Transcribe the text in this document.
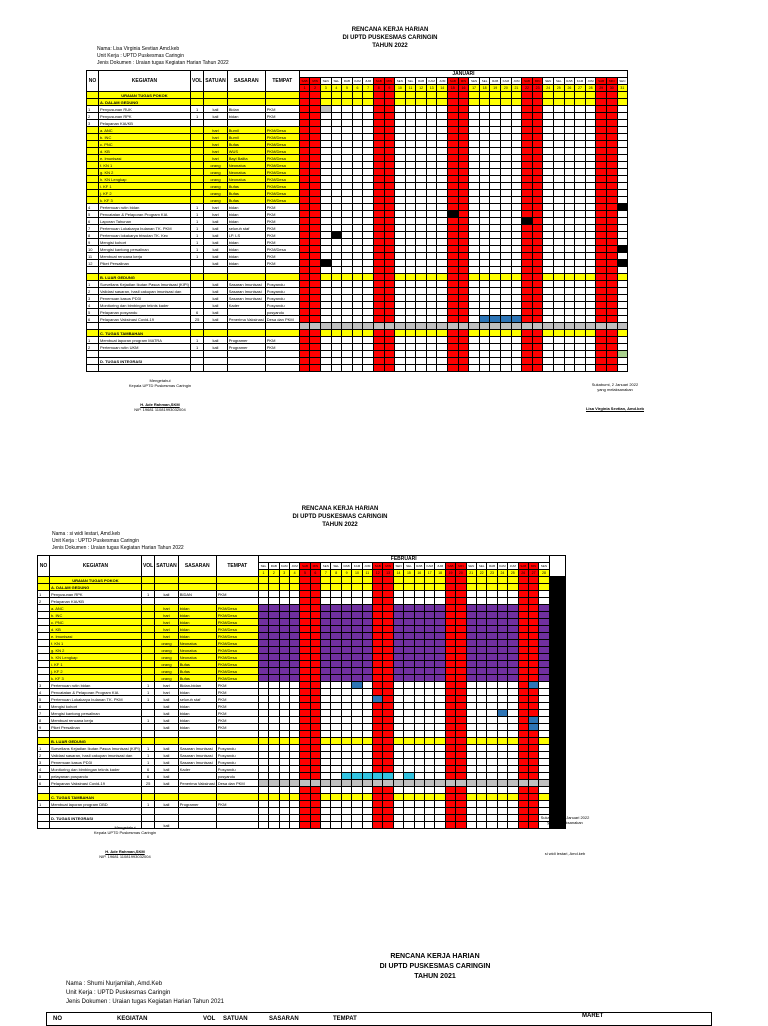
RENCANA KERJA HARIAN
DI UPTD PUSKESMAS CARINGIN
TAHUN 2022
Nama: Lisa Virginia Sevtian Amd.keb
Unit Kerja : UPTD Puskesmas Caringin
Jenis Dokumen : Uraian tugas Kegiatan Harian Tahun 2022
NO	KEGIATAN	VOL	SATUAN	SASARAN	TEMPAT	JANUARI																														
						SAB	MIN	SEN	SEL	RAB	KAM	JUM	SAB	MIN	SEN	SEL	RAB	KAM	JUM	SAB	MIN	SEN	SEL	RAB	KAM	JUM	SAB	MIN	SEN	SEL	RAB	KAM	JUM	SAB	MIN	SEN
						1	2	3	4	5	6	7	8	9	10	11	12	13	14	15	16	17	18	19	20	21	22	23	24	25	26	27	28	29	30	31
	URAIAN TUGAS POKOK																																			
	A. DALAM GEDUNG																																			
1	Penyusunan RUK	1	kali	Bidan	PKM																															
2	Penyusunan RPK	1	kali	bidan	PKM																															
3	Pelayanan KIA/KB																																			
	a. ANC		hari	Bumil	PKM/Desa																															
	b. INC		hari	Bumil	PKM/Desa																															
	c. PNC		hari	Bufas	PKM/Desa																															
	d. KB		hari	WUS	PKM/Desa																															
	e. Imunisasi		hari	Bayi Balita	PKM/Desa																															
	f. KN 1		orang	Neonatus	PKM/Desa																															
	g. KN 2		orang	Neonatus	PKM/Desa																															
	h. KN Lengkap		orang	Neonatus	PKM/Desa																															
	i. KF 1		orang	Bufas	PKM/Desa																															
	j. KF 2		orang	Bufas	PKM/Desa																															
	k. KF 3		orang	Bufas	PKM/Desa																															
4	Pertemuan rutin bidan	1	hari	bidan	PKM																															
5	Pencatatan & Pelaporan Program KIA	1	hari	bidan	PKM																															
6	Laporan Tahunan	1	kali	bidan	PKM																															
7	Pertemuan Lokakarya bulanan TK. PKM	1	kali	seluruh staf	PKM																															
8	Pertemuan lokakarya triwulan TK. Kec	1	kali	LP. LS	PKM																															
9	Mengisi kohort	1	kali	bidan	PKM																															
10	Mengisi kantong persalinan	1	kali	bidan	PKM/Desa																															
11	Membuat rencana kerja	1	kali	bidan	PKM																															
12	Piket Persalinan		kali	bidan	PKM																															

	B. LUAR GEDUNG																																			
1	Surveilans Kejadian Ikutan Pasca Imunisasi (KIPI)		kali	Sasaran Imunisasi	Posyandu																															
2	Validasi sasaran, hasil cakupan imunisasi dan		kali	Sasaran Imunisasi	Posyandu																															
3	Penemuan kasus PD3I		kali	Sasaran Imunisasi	Posyandu																															
4	Monitoring dan bimbingan teknis kader		kali	Kader	Posyandu																															
5	Pelayanan posyandu	6	kali		posyandu																															
6	Pelayanan Vaksinasi Covid-19	25	kali	Penerima Vaksinasi	Desa dan PKM																															

	C. TUGAS TAMBAHAN																																			
1	Membuat laporan program MATRA	1	kali	Programer	PKM																															
2	Pertemuan rutin UKM	1	kali	Programer	PKM																															

	D. TUGAS INTEGRASI																																			

Mengetahui
Kepala UPTD Puskesmas Caringin
H. Ade Rahman,SKM
NIP. 19681 11081993032004
Sukabumi, 2 Januari 2022
yang melaksanakan
Lisa Virginia Sevtian, Amd.keb
RENCANA KERJA HARIAN
DI UPTD PUSKESMAS CARINGIN
TAHUN 2022
Nama : si widi lestari, Amd.keb
Unit Kerja : UPTD Puskesmas Caringin
Jenis Dokumen : Uraian tugas Kegiatan Harian Tahun 2022
NO	KEGIATAN	VOL	SATUAN	SASARAN	TEMPAT	FEBRUARI																												
						SEL	RAB	KAM	JUM	SAB	MIN	SEN	SEL	RAB	KAM	JUM	SAB	MIN	SEN	SEL	RAB	KAM	JUM	SAB	MIN	SEN	SEL	RAB	KAM	JUM	SAB	MIN	SEN	
						1	2	3	4	5	6	7	8	9	10	11	12	13	14	15	16	17	18	19	20	21	22	23	24	25	26	27	28	
	URAIAN TUGAS POKOK																																	
	A. DALAM GEDUNG																																	
1	Penyusunan RPK	1	kali	BIDAN	PKM																													
2	Pelayanan KIA/KB																																	
	a. ANC		hari	bidan	PKM/Desa																													
	b. INC		hari	bidan	PKM/Desa																													
	c. PNC		hari	bidan	PKM/Desa																													
	d. KB		hari	bidan	PKM/Desa																													
	e. Imunisasi		hari	bidan	PKM/Desa																													
	f. KN 1		orang	Neonatus	PKM/Desa																													
	g. KN 2		orang	Neonatus	PKM/Desa																													
	h. KN Lengkap		orang	Neonatus	PKM/Desa																													
	i. KF 1		orang	Bufas	PKM/Desa																													
	j. KF 2		orang	Bufas	PKM/Desa																													
	k. KF 3		orang	Bufas	PKM/Desa																													
3	Pertemuan rutin bidan	1	hari	Bidan-bidan	PKM																													
4	Pencatatan & Pelaporan Program KIA	1	hari	bidan	PKM																													
5	Pertemuan Lokakarya bulanan TK. PKM	1	kali	seluruh staf	PKM																													
6	Mengisi kohort		kali	bidan	PKM																													
7	Mengisi kantong persalinan		kali	bidan	PKM																													
8	Membuat rencana kerja	1	kali	bidan	PKM																													
9	Piket Persalinan		kali	bidan	PKM																													

	B. LUAR GEDUNG																																	
1	Surveilans Kejadian Ikutan Pasca Imunisasi (KIPI)	1	kali	Sasaran Imunisasi	Posyandu																													
2	Validasi sasaran, hasil cakupan imunisasi dan	1	kali	Sasaran Imunisasi	Posyandu																													
3	Penemuan kasus PD3I	1	kali	Sasaran Imunisasi	Posyandu																													
4	Monitoring dan bimbingan teknis kader	6	kali	Kader	Posyandu																													
5	pelayanan posyandu	6	kali		posyandu																													
6	Pelayanan Vaksinasi Covid-19	25	kali	Penerima Vaksinasi	Desa dan PKM																													

	C. TUGAS TAMBAHAN																																	
1	Membuat laporan program DBD	1	kali	Programer	PKM																													

	D. TUGAS INTEGRASI																																	
			kali																															
Mengetahui
Kepala UPTD Puskesmas Caringin
H. Ade Rahman,SKM
NIP. 19681 11081993032004
Sukabumi, 31 Januari 2022
yang melaksanakan
si widi lestari, Amd.keb
RENCANA KERJA HARIAN
DI UPTD PUSKESMAS CARINGIN
TAHUN 2021
Nama : Shumi Nurjamilah, Amd.Keb
Unit Kerja : UPTD Puskesmas Caringin
Jenis Dokumen : Uraian tugas Kegiatan Harian Tahun 2021
NO	KEGIATAN	VOL SATUAN	SASARAN	TEMPAT	MARET
